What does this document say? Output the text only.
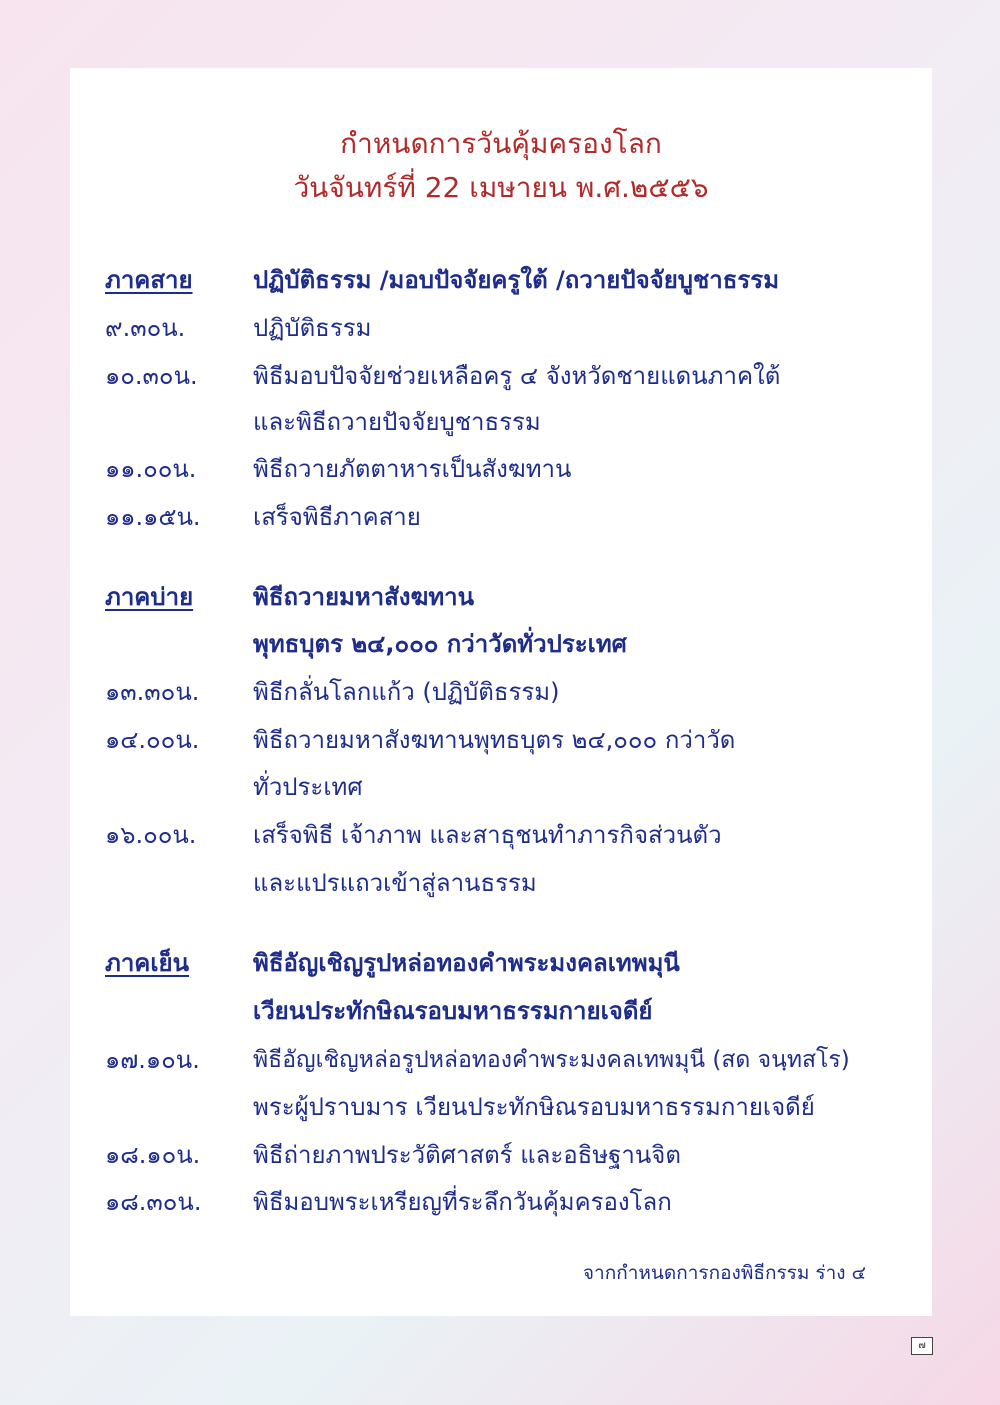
กำหนดการวันคุ้มครองโลก
วันจันทร์ที่ 22 เมษายน พ.ศ.๒๕๕๖
ภาคสาย	ปฏิบัติธรรม /มอบปัจจัยครูใต้ /ถวายปัจจัยบูชาธรรม
๙.๓๐น.	ปฏิบัติธรรม
๑๐.๓๐น. พิธีมอบปัจจัยช่วยเหลือครู ๔ จังหวัดชายแดนภาคใต้
และพิธีถวายปัจจัยบูชาธรรม
๑๑.๐๐น. พิธีถวายภัตตาหารเป็นสังฆทาน
๑๑.๑๕น. เสร็จพิธีภาคสาย
ภาคบ่าย พิธีถวายมหาสังฆทาน
พุทธบุตร ๒๔,๐๐๐ กว่าวัดทั่วประเทศ
๑๓.๓๐น. พิธีกลั่นโลกแก้ว (ปฏิบัติธรรม)
๑๔.๐๐น. พิธีถวายมหาสังฆทานพุทธบุตร ๒๔,๐๐๐ กว่าวัด
ทั่วประเทศ
๑๖.๐๐น. เสร็จพิธี เจ้าภาพ และสาธุชนทำภารกิจส่วนตัว
และแปรแถวเข้าสู่ลานธรรม
ภาคเย็น	พิธีอัญเชิญรูปหล่อทองคำพระมงคลเทพมุนี
เวียนประทักษิณรอบมหาธรรมกายเจดีย์
๑๗.๑๐น. พิธีอัญเชิญหล่อรูปหล่อทองคำพระมงคลเทพมุนี (สด จนฺทสโร)
พระผู้ปราบมาร เวียนประทักษิณรอบมหาธรรมกายเจดีย์
๑๘.๑๐น. พิธีถ่ายภาพประวัติศาสตร์ และอธิษฐานจิต
๑๘.๓๐น. พิธีมอบพระเหรียญที่ระลึกวันคุ้มครองโลก
จากกำหนดการกองพิธีกรรม ร่าง ๔
๗
